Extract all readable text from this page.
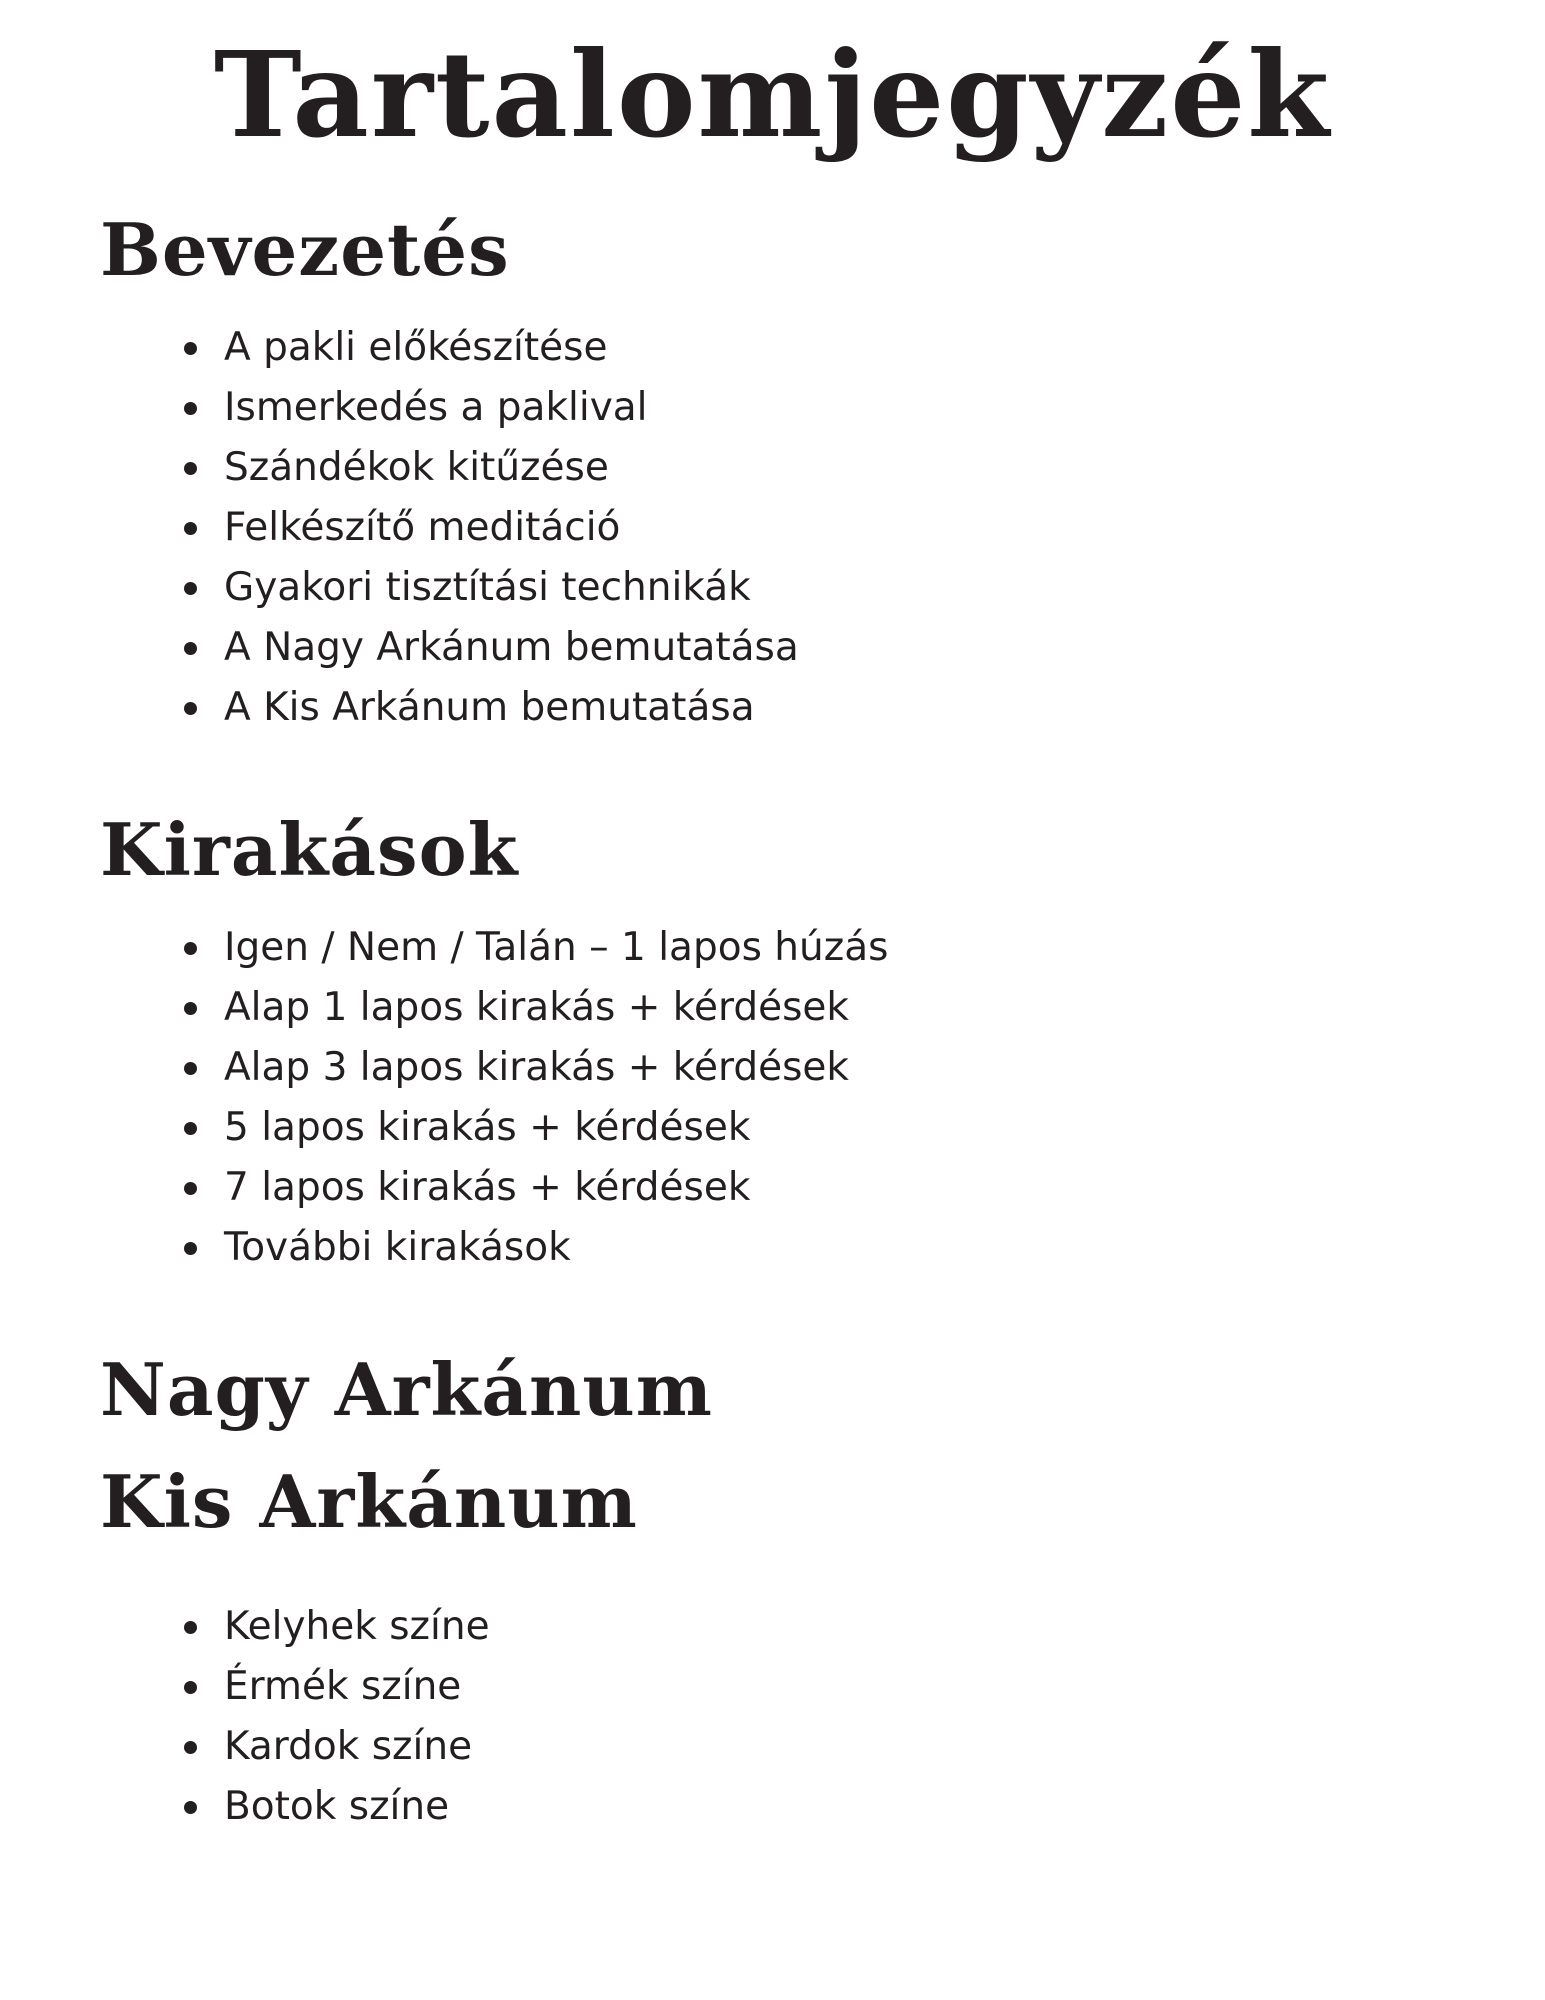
Tartalomjegyzék
Bevezetés
A pakli előkészítése
Ismerkedés a paklival
Szándékok kitűzése
Felkészítő meditáció
Gyakori tisztítási technikák
A Nagy Arkánum bemutatása
A Kis Arkánum bemutatása
Kirakások
Igen / Nem / Talán – 1 lapos húzás
Alap 1 lapos kirakás + kérdések
Alap 3 lapos kirakás + kérdések
5 lapos kirakás + kérdések
7 lapos kirakás + kérdések
További kirakások
Nagy Arkánum
Kis Arkánum
Kelyhek színe
Érmék színe
Kardok színe
Botok színe
